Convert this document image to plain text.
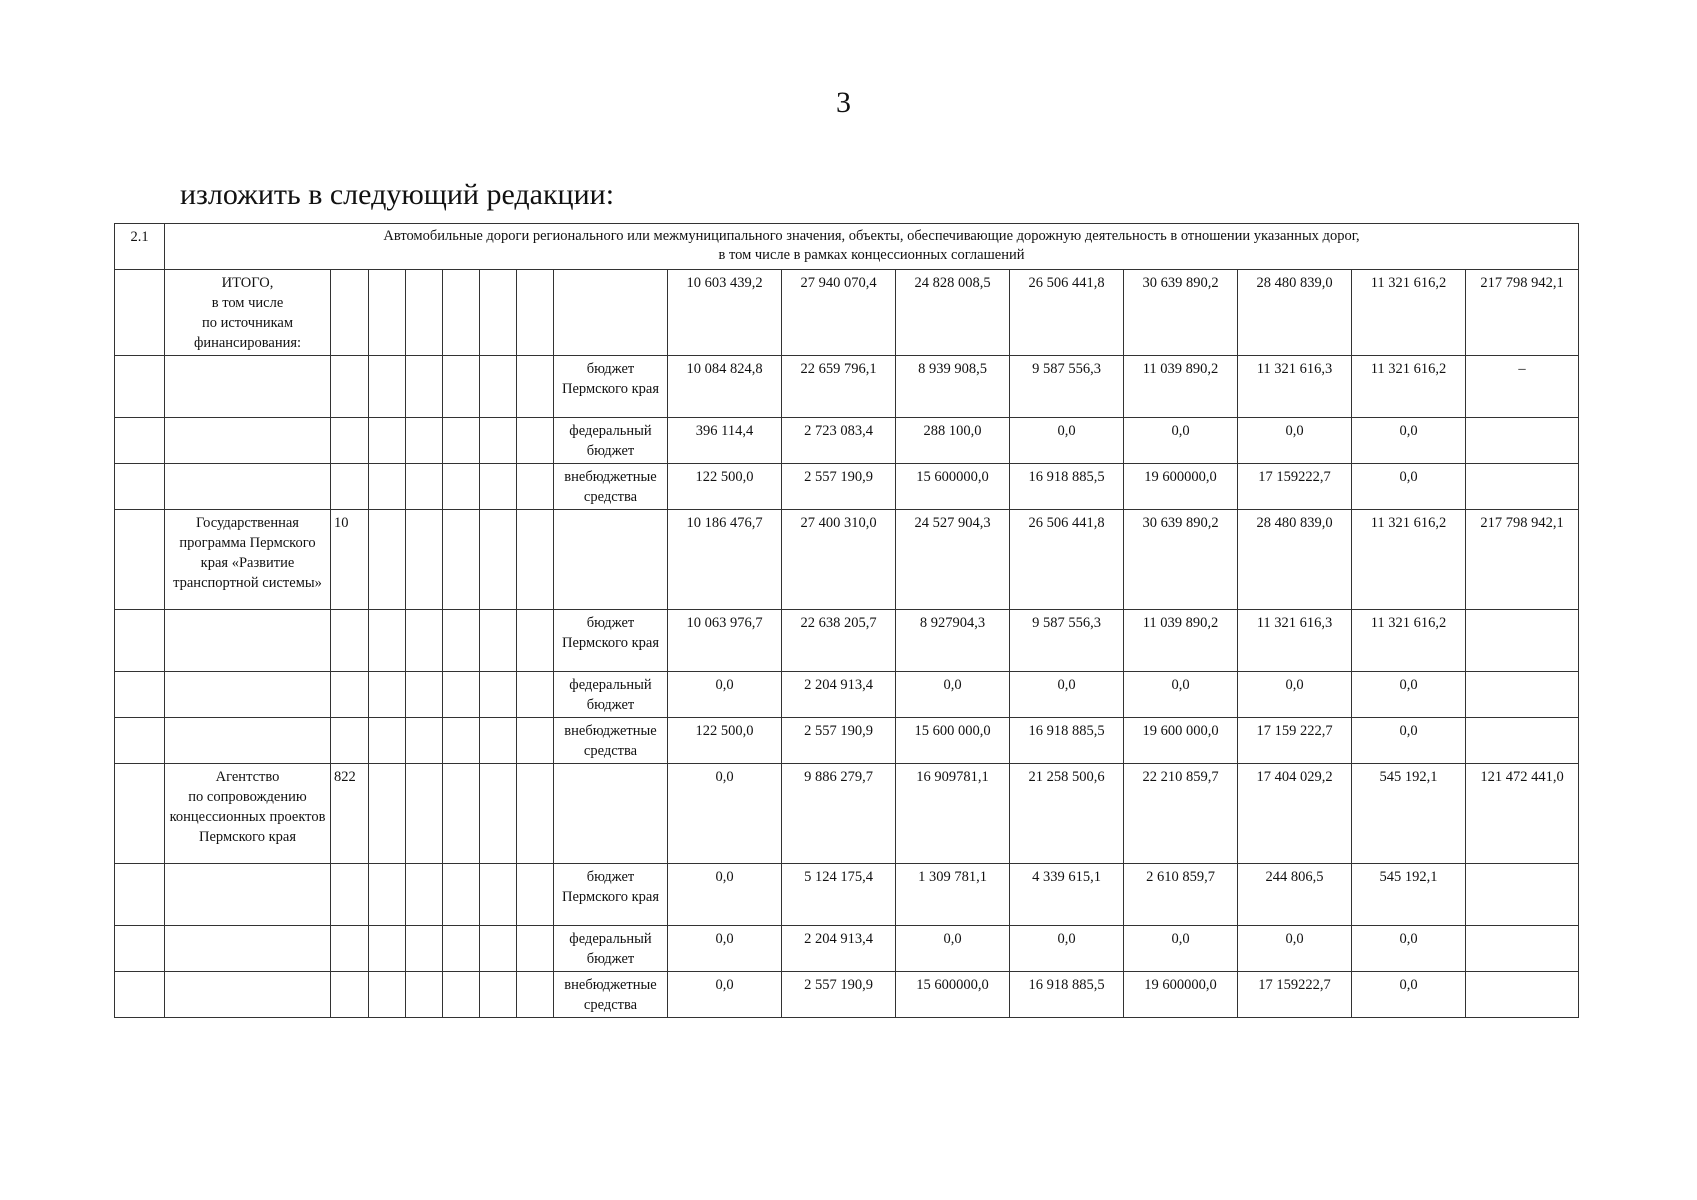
3
изложить в следующий редакции:
2.1	Автомобильные дороги регионального или межмуниципального значения, объекты, обеспечивающие дорожную деятельность в отношении указанных дорог,
в том числе в рамках концессионных соглашений															
	ИТОГО,
в том числе
по источникам
финансирования:								10 603 439,2	27 940 070,4	24 828 008,5	26 506 441,8	30 639 890,2	28 480 839,0	11 321 616,2	217 798 942,1
								бюджет Пермского края	10 084 824,8	22 659 796,1	8 939 908,5	9 587 556,3	11 039 890,2	11 321 616,3	11 321 616,2	–
								федеральный бюджет	396 114,4	2 723 083,4	288 100,0	0,0	0,0	0,0	0,0	
								внебюджетные средства	122 500,0	2 557 190,9	15 600000,0	16 918 885,5	19 600000,0	17 159222,7	0,0	
	Государственная программа Пермского края «Развитие транспортной системы»	10							10 186 476,7	27 400 310,0	24 527 904,3	26 506 441,8	30 639 890,2	28 480 839,0	11 321 616,2	217 798 942,1
								бюджет Пермского края	10 063 976,7	22 638 205,7	8 927904,3	9 587 556,3	11 039 890,2	11 321 616,3	11 321 616,2	
								федеральный бюджет	0,0	2 204 913,4	0,0	0,0	0,0	0,0	0,0	
								внебюджетные средства	122 500,0	2 557 190,9	15 600 000,0	16 918 885,5	19 600 000,0	17 159 222,7	0,0	
	Агентство
по сопровождению концессионных проектов
Пермского края	822							0,0	9 886 279,7	16 909781,1	21 258 500,6	22 210 859,7	17 404 029,2	545 192,1	121 472 441,0
								бюджет Пермского края	0,0	5 124 175,4	1 309 781,1	4 339 615,1	2 610 859,7	244 806,5	545 192,1	
								федеральный бюджет	0,0	2 204 913,4	0,0	0,0	0,0	0,0	0,0	
								внебюджетные средства	0,0	2 557 190,9	15 600000,0	16 918 885,5	19 600000,0	17 159222,7	0,0	
